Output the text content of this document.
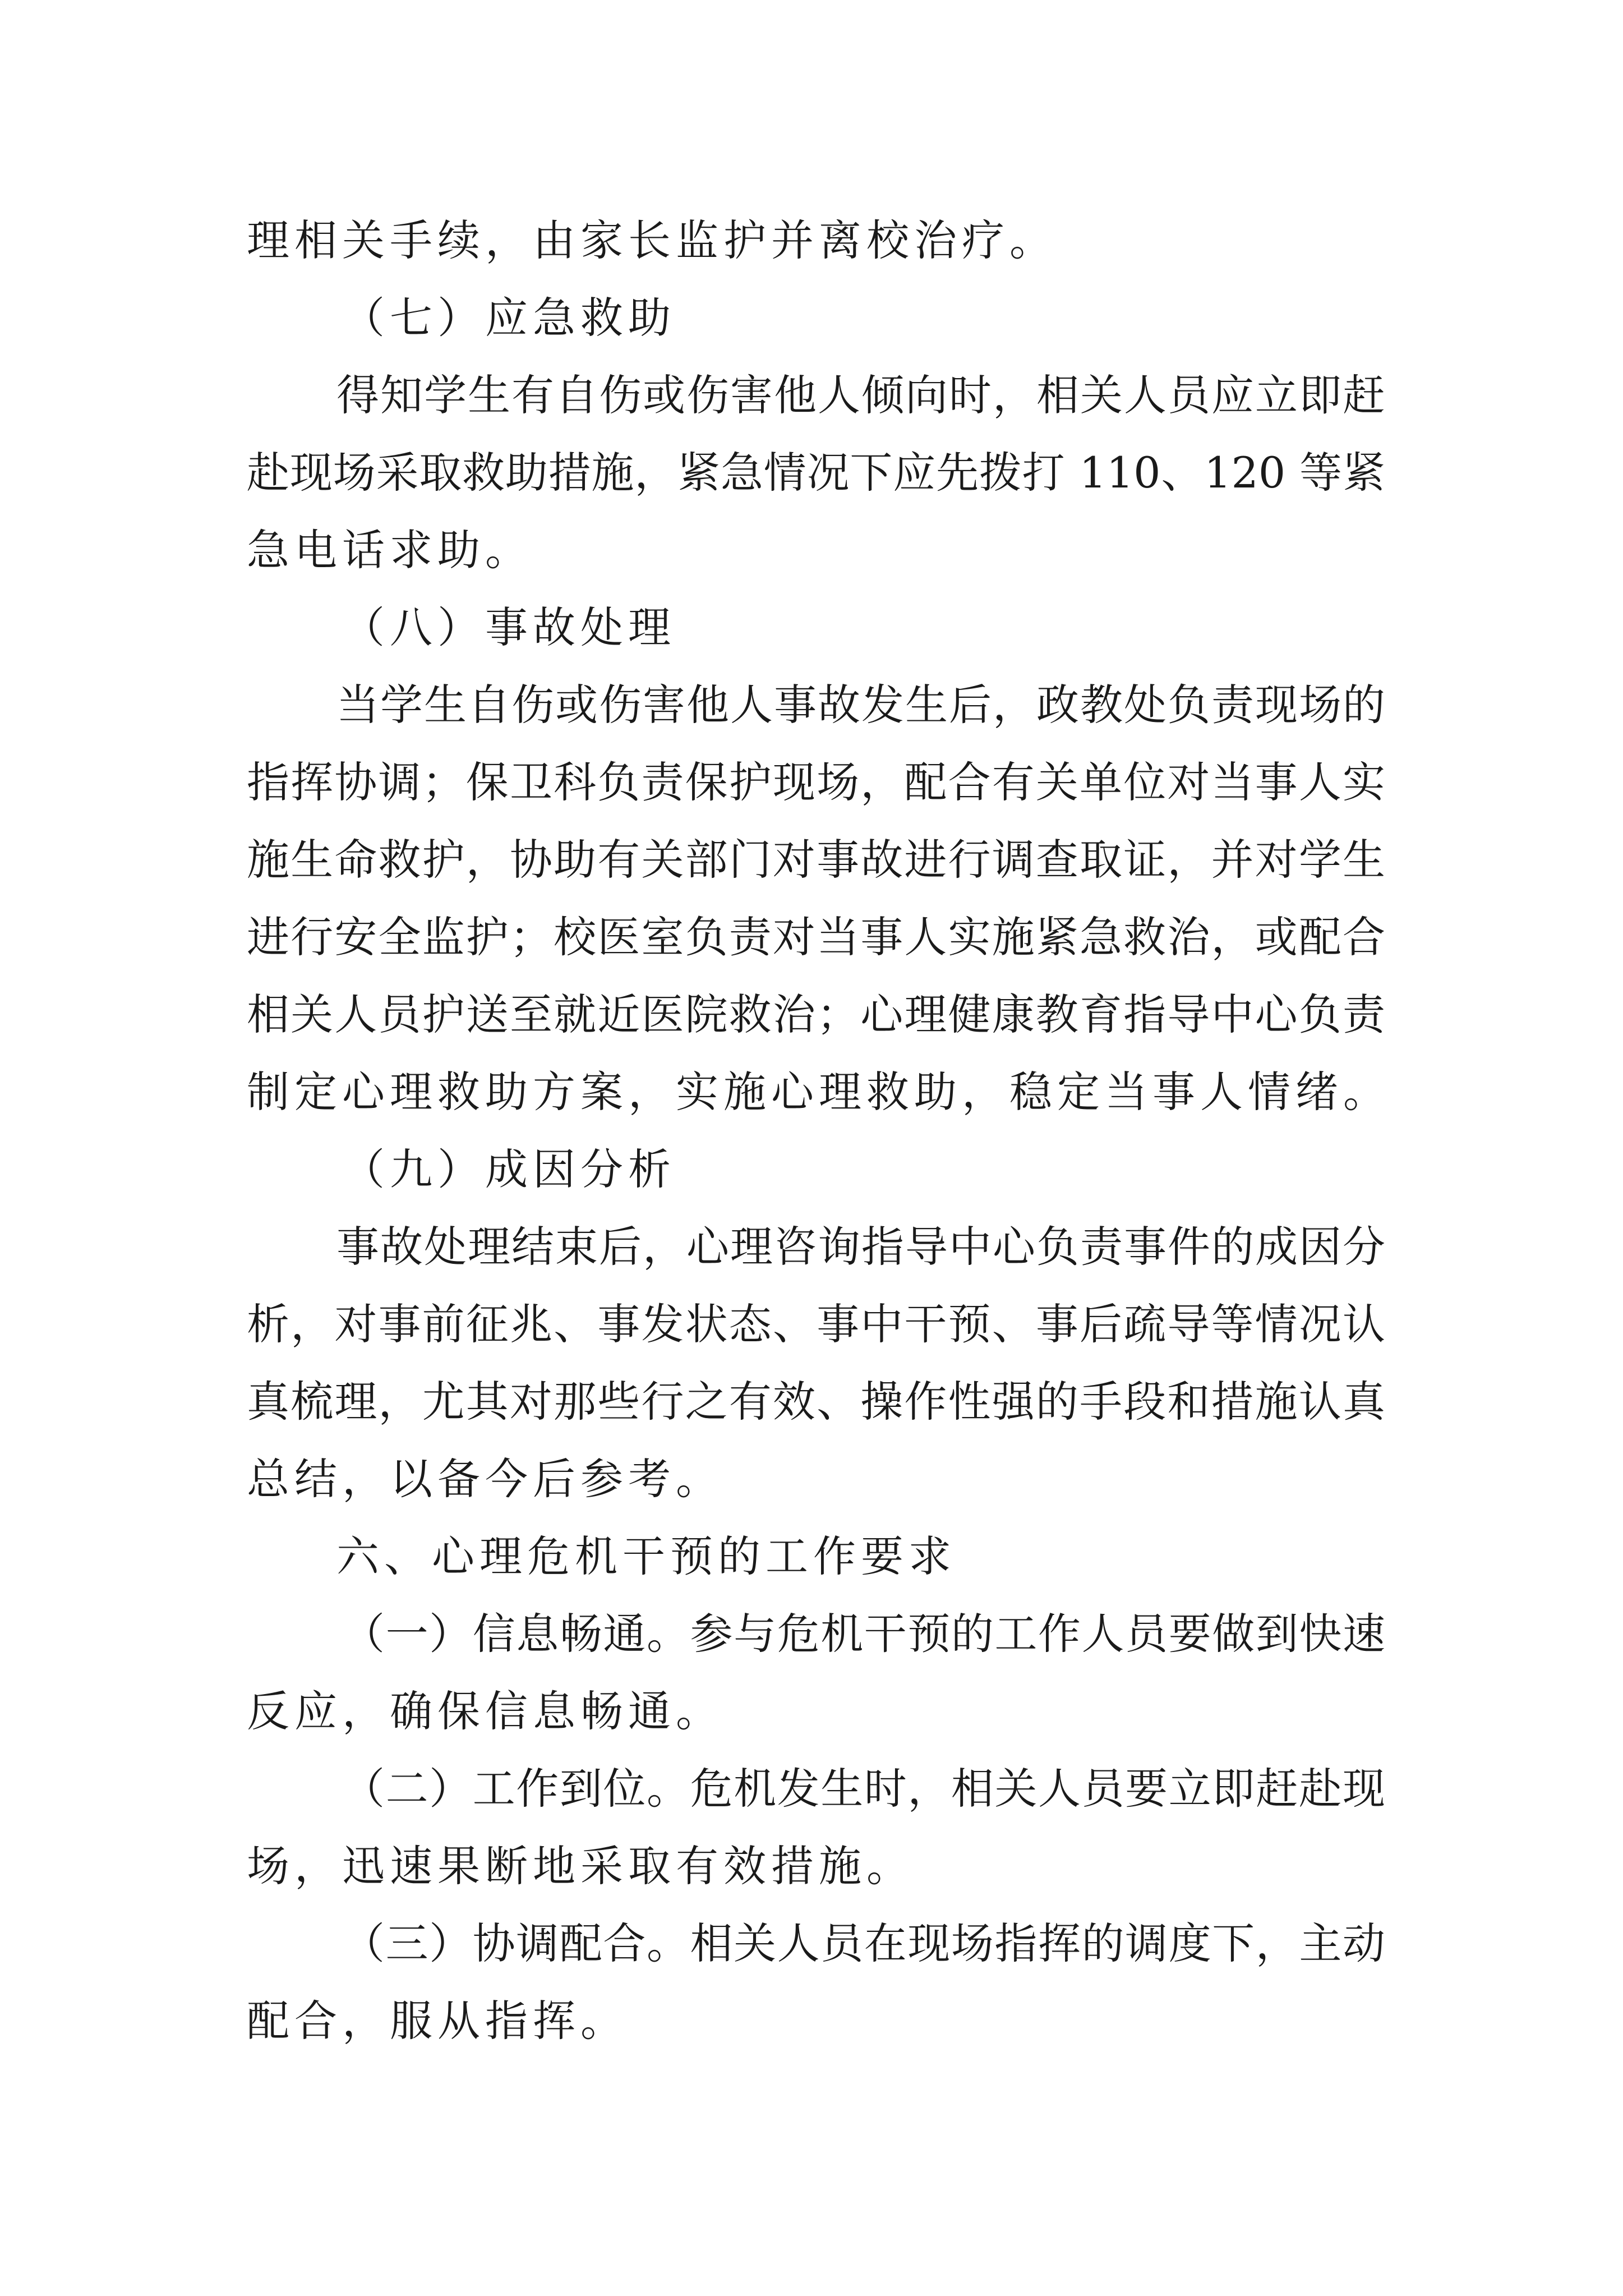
理相关手续，由家长监护并离校治疗。
（七）应急救助
得知学生有自伤或伤害他人倾向时，相关人员应立即赶
赴现场采取救助措施，紧急情况下应先拨打 110、120 等紧
急电话求助。
（八）事故处理
当学生自伤或伤害他人事故发生后，政教处负责现场的
指挥协调；保卫科负责保护现场，配合有关单位对当事人实
施生命救护，协助有关部门对事故进行调查取证，并对学生
进行安全监护；校医室负责对当事人实施紧急救治，或配合
相关人员护送至就近医院救治；心理健康教育指导中心负责
制定心理救助方案，实施心理救助，稳定当事人情绪。
（九）成因分析
事故处理结束后，心理咨询指导中心负责事件的成因分
析，对事前征兆、事发状态、事中干预、事后疏导等情况认
真梳理，尤其对那些行之有效、操作性强的手段和措施认真
总结，以备今后参考。
六、心理危机干预的工作要求
（一）信息畅通。参与危机干预的工作人员要做到快速
反应，确保信息畅通。
（二）工作到位。危机发生时，相关人员要立即赶赴现
场，迅速果断地采取有效措施。
（三）协调配合。相关人员在现场指挥的调度下，主动
配合，服从指挥。
